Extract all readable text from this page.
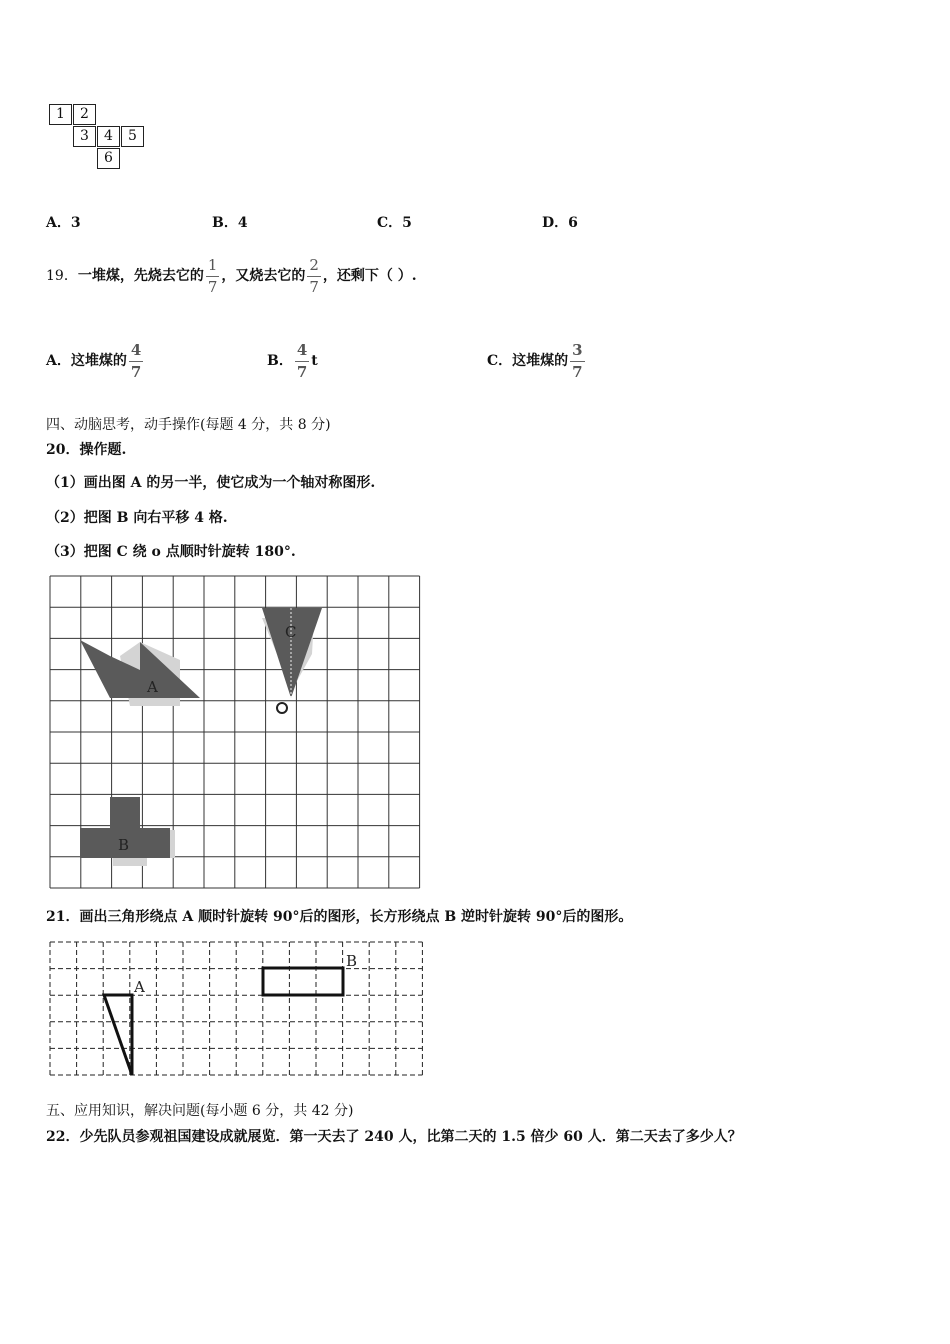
1	2
3	4	5
6
A．3	B．4	C．5	D．6
19．一堆煤，先烧去它的 $\frac{1}{7}$ ，又烧去它的 $\frac{2}{7}$ ，还剩下（ ）.
A．这堆煤的 $\frac{4}{7}$	B． $\frac{4}{7}$ t	C．这堆煤的 $\frac{3}{7}$
四、动脑思考，动手操作(每题 4 分，共 8 分)
20．操作题.
（1）画出图 A 的另一半，使它成为一个轴对称图形.
（2）把图 B 向右平移 4 格.
（3）把图 C 绕 o 点顺时针旋转 180°.
A
C
B
21．画出三角形绕点 A 顺时针旋转 90°后的图形，长方形绕点 B 逆时针旋转 90°后的图形。
A
B
五、应用知识，解决问题(每小题 6 分，共 42 分)
22．少先队员参观祖国建设成就展览．第一天去了 240 人，比第二天的 1.5 倍少 60 人．第二天去了多少人？
